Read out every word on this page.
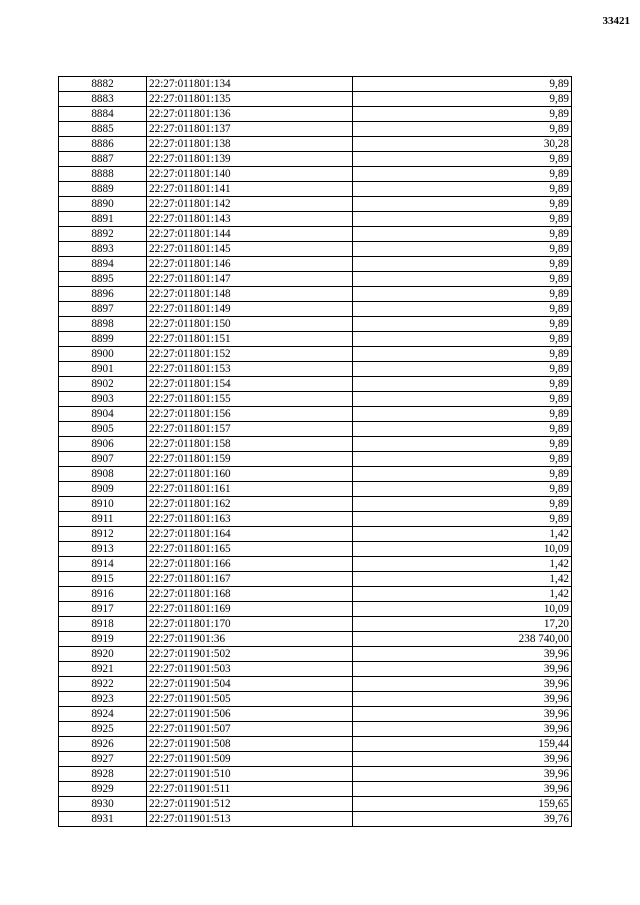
33421
8882	22:27:011801:134	9,89
8883	22:27:011801:135	9,89
8884	22:27:011801:136	9,89
8885	22:27:011801:137	9,89
8886	22:27:011801:138	30,28
8887	22:27:011801:139	9,89
8888	22:27:011801:140	9,89
8889	22:27:011801:141	9,89
8890	22:27:011801:142	9,89
8891	22:27:011801:143	9,89
8892	22:27:011801:144	9,89
8893	22:27:011801:145	9,89
8894	22:27:011801:146	9,89
8895	22:27:011801:147	9,89
8896	22:27:011801:148	9,89
8897	22:27:011801:149	9,89
8898	22:27:011801:150	9,89
8899	22:27:011801:151	9,89
8900	22:27:011801:152	9,89
8901	22:27:011801:153	9,89
8902	22:27:011801:154	9,89
8903	22:27:011801:155	9,89
8904	22:27:011801:156	9,89
8905	22:27:011801:157	9,89
8906	22:27:011801:158	9,89
8907	22:27:011801:159	9,89
8908	22:27:011801:160	9,89
8909	22:27:011801:161	9,89
8910	22:27:011801:162	9,89
8911	22:27:011801:163	9,89
8912	22:27:011801:164	1,42
8913	22:27:011801:165	10,09
8914	22:27:011801:166	1,42
8915	22:27:011801:167	1,42
8916	22:27:011801:168	1,42
8917	22:27:011801:169	10,09
8918	22:27:011801:170	17,20
8919	22:27:011901:36	238 740,00
8920	22:27:011901:502	39,96
8921	22:27:011901:503	39,96
8922	22:27:011901:504	39,96
8923	22:27:011901:505	39,96
8924	22:27:011901:506	39,96
8925	22:27:011901:507	39,96
8926	22:27:011901:508	159,44
8927	22:27:011901:509	39,96
8928	22:27:011901:510	39,96
8929	22:27:011901:511	39,96
8930	22:27:011901:512	159,65
8931	22:27:011901:513	39,76
